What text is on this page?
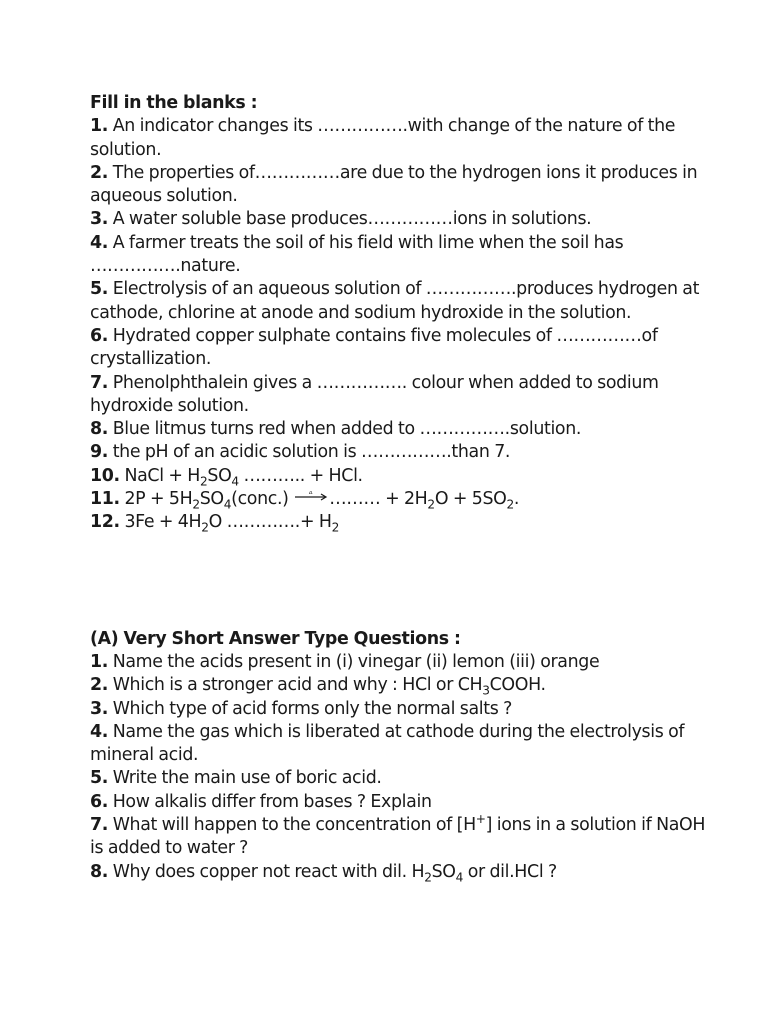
Fill in the blanks :
1. An indicator changes its …………….with change of the nature of the solution.
2. The properties of……………are due to the hydrogen ions it produces in aqueous solution.
3. A water soluble base produces……………ions in solutions.
4. A farmer treats the soil of his field with lime when the soil has …………….nature.
5. Electrolysis of an aqueous solution of …………….produces hydrogen at cathode, chlorine at anode and sodium hydroxide in the solution.
6. Hydrated copper sulphate contains five molecules of ……………of crystallization.
7. Phenolphthalein gives a ……………. colour when added to sodium hydroxide solution.
8. Blue litmus turns red when added to …………….solution.
9. the pH of an acidic solution is …………….than 7.
10. NaCl + $H_2SO_4$ ……….. + HCl.
11. $2P + 5H_2SO_4(conc.)$	Δ ……… + $2H_2O + 5SO_2$.
12. $3Fe + 4H_2O$ ………….+ $H_2$
(A) Very Short Answer Type Questions :
1. Name the acids present in (i) vinegar (ii) lemon (iii) orange
2. Which is a stronger acid and why : HCl or $CH_3COOH$.
3. Which type of acid forms only the normal salts ?
4. Name the gas which is liberated at cathode during the electrolysis of mineral acid.
5. Write the main use of boric acid.
6. How alkalis differ from bases ? Explain
7. What will happen to the concentration of [H+] ions in a solution if NaOH is added to water ?
8. Why does copper not react with dil. $H_2SO_4$ or dil.HCl ?
